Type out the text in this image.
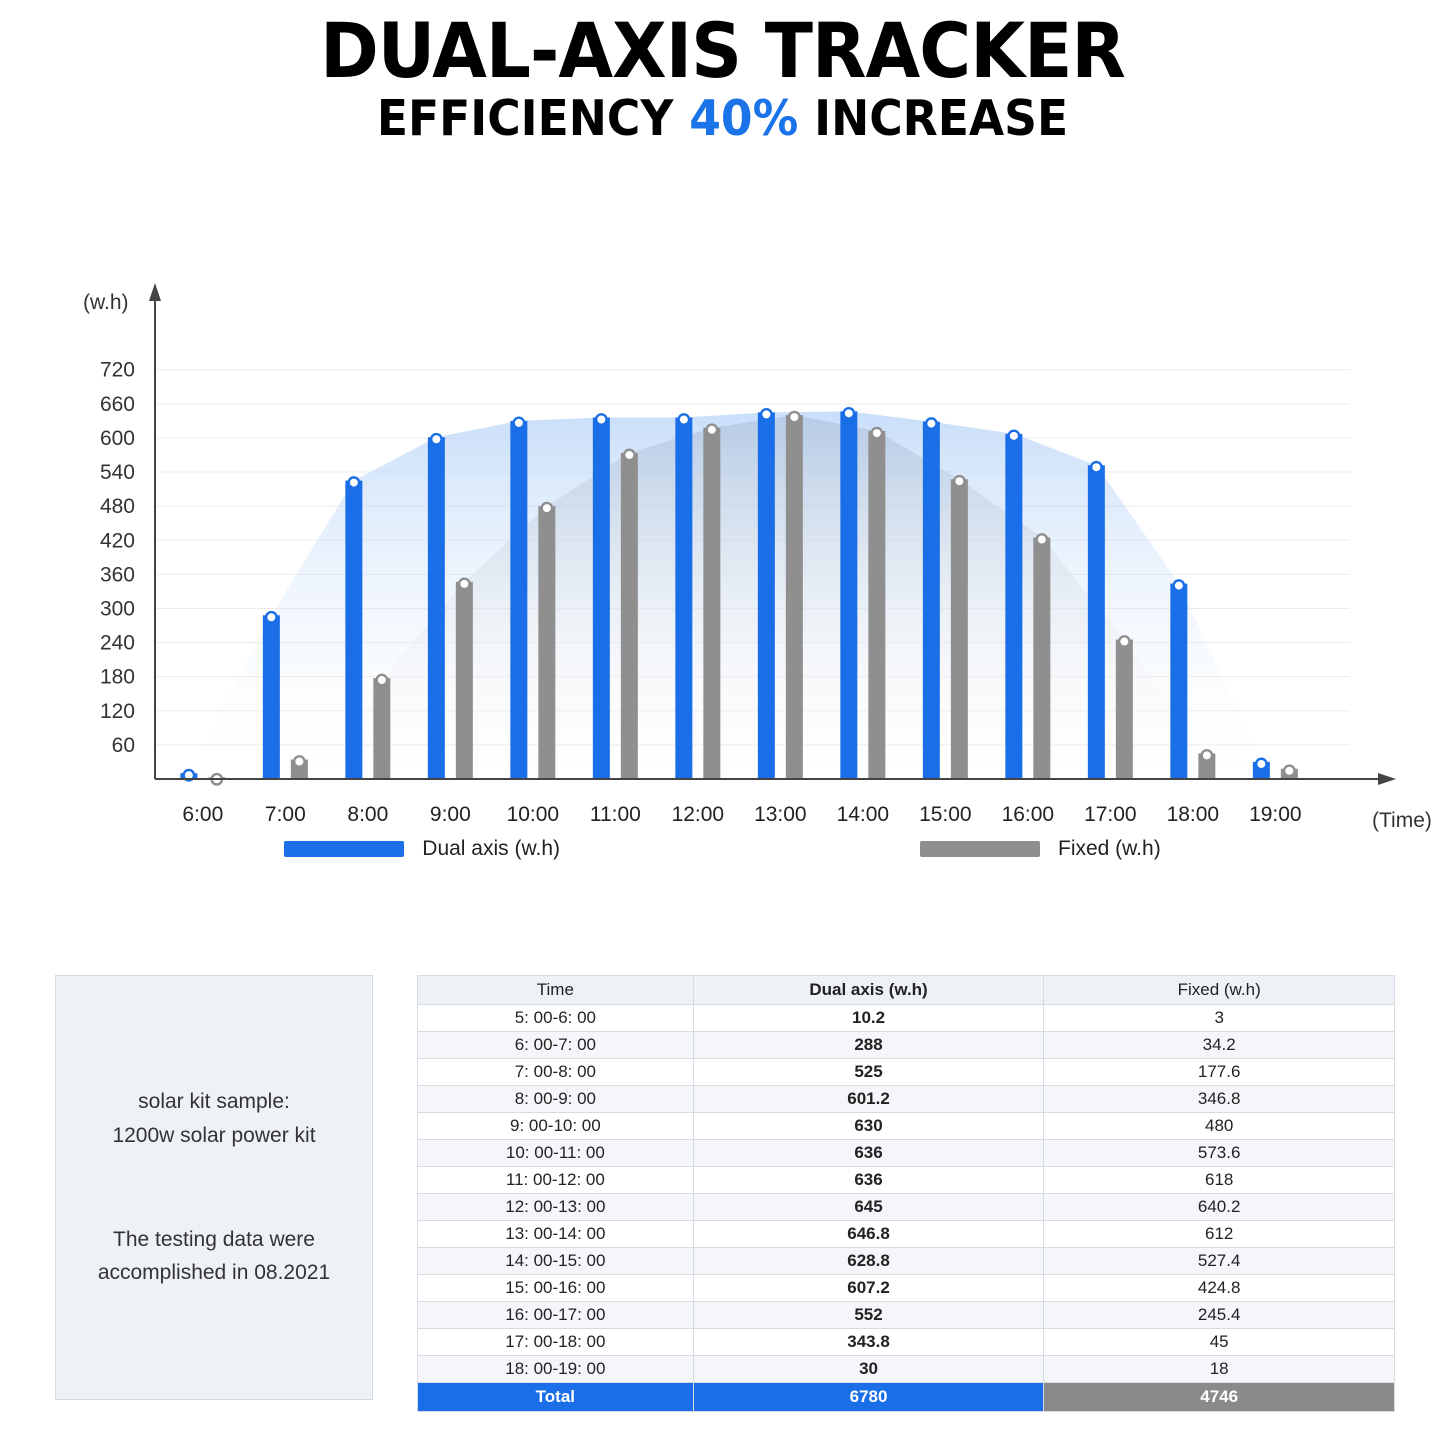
DUAL-AXIS TRACKER
EFFICIENCY 40% INCREASE
60
120
180
240
300
360
420
480
540
600
660
720
(w.h)
(Time)
6:00 7:00 8:00 9:00 10:00 11:00 12:00 13:00 14:00 15:00 16:00 17:00 18:00 19:00
Dual axis (w.h)	Fixed (w.h)
solar kit sample:
1200w solar power kit
The testing data were
accomplished in 08.2021
Time	Dual axis (w.h)	Fixed (w.h)
5: 00-6: 00	10.2	3
6: 00-7: 00	288	34.2
7: 00-8: 00	525	177.6
8: 00-9: 00	601.2	346.8
9: 00-10: 00	630	480
10: 00-11: 00	636	573.6
11: 00-12: 00	636	618
12: 00-13: 00	645	640.2
13: 00-14: 00	646.8	612
14: 00-15: 00	628.8	527.4
15: 00-16: 00	607.2	424.8
16: 00-17: 00	552	245.4
17: 00-18: 00	343.8	45
18: 00-19: 00	30	18
Total	6780	4746
